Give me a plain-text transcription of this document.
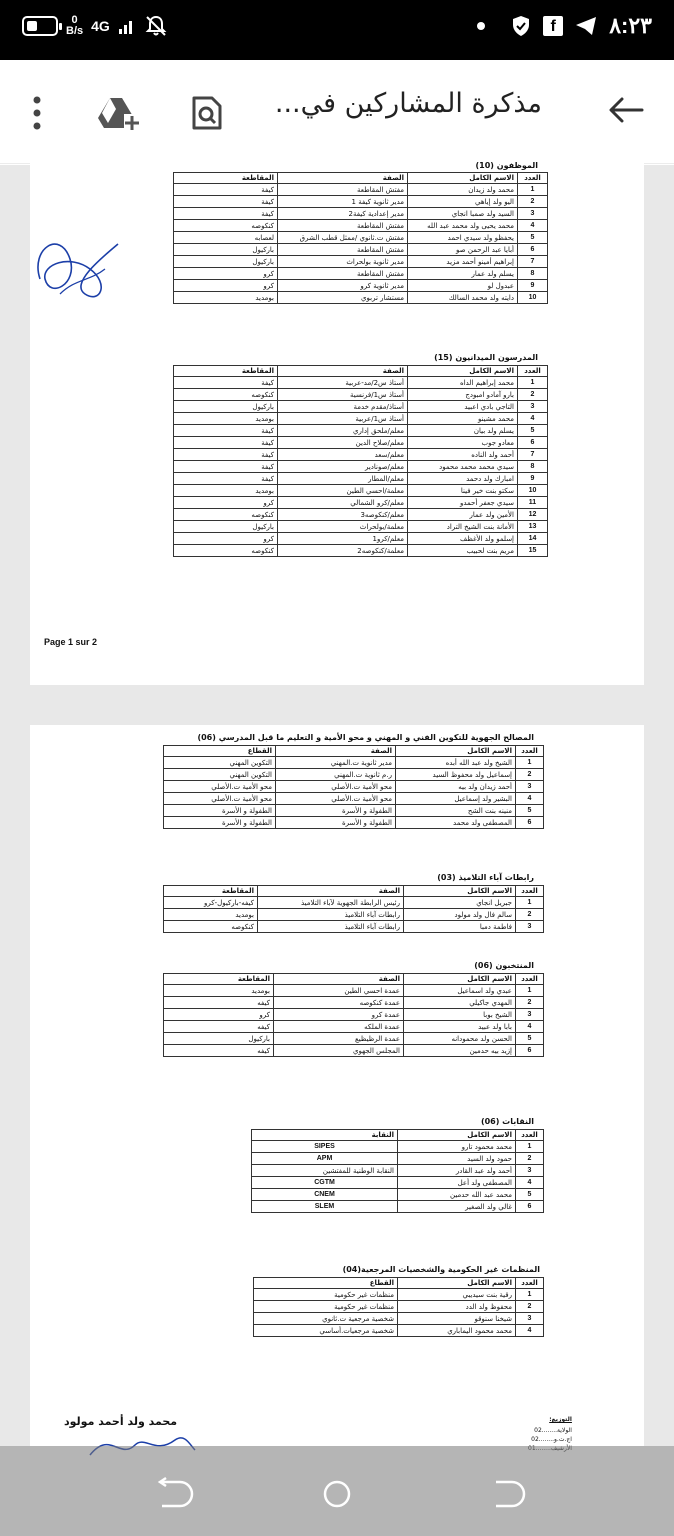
0
B/s 4G	f	٨:٢٣
مذكرة المشاركين في...
الموظفون (10)
العدد	الاسم الكامل	الصفة	المقاطعة
1	محمد ولد زيدان	مفتش المقاطعة	كيفة
2	اليو ولد إياهي	مدير ثانوية كيفة 1	كيفة
3	السيد ولد صمبا انجاي	مدير إعدادية كيفة2	كيفة
4	محمد يحيى ولد محمد عبد الله	مفتش المقاطعة	كنكوصه
5	يحفظو ولد سيدي احمد	مفتش ت.ثانوي /ممثل قطب الشرق	لعصابه
6	أبايا عبد الرحمن صو	مفتش المقاطعة	باركيول
7	إبراهيم أمينو أحمد مزيد	مدير ثانوية بولحراث	باركيول
8	يسلم ولد عمار	مفتش المقاطعة	كرو
9	عبدول لو	مدير ثانوية كرو	كرو
10	دايته ولد محمد السالك	مستشار تربوي	بومديد
المدرسون الميدانيون (15)
العدد	الاسم الكامل	الصفة	المقاطعة
1	محمد إبراهيم الداه	أستاذ س2/مد-عربية	كيفة
2	بارو آمادو امبودج	أستاذ س1/فرنسية	كنكوصه
3	التاجي بادي اعبيد	أستاذ/مقدم خدمة	باركيول
4	محمد مشينو	أستاذ س1/عربية	بومديد
5	يسلم ولد بيان	معلم/ملحق إداري	كيفة
6	معادو جوب	معلم/صلاح الدين	كيفة
7	أحمد ولد الناده	معلم/سعد	كيفة
8	سيدي محمد محمد محمود	معلم/صونادير	كيفة
9	امبارك ولد دحمد	معلم/المطار	كيفة
10	سكتو بنت خير فينا	معلمة/احسي الطين	بومديد
11	سيدي جعفر أحمدو	معلم/كرو الشمالي	كرو
12	الأمين ولد عمار	معلم/كنكوصه3	كنكوصه
13	الأمانة بنت الشيخ التراد	معلمة/بولحراث	باركيول
14	إسلمو ولد الأغظف	معلم/كرو1	كرو
15	مريم بنت لحبيب	معلمة/كنكوصه2	كنكوصه
Page 1 sur 2
المصالح الجهوية للتكوين الفني و المهني و محو الأمية و التعليم ما قبل المدرسي (06)
العدد	الاسم الكامل	الصفة	القطاع
1	الشيخ ولد عبد الله أبده	مدير ثانوية ت.المهني	التكوين المهني
2	إسماعيل ولد محفوظ السيد	ر.م ثانوية ت.المهني	التكوين المهني
3	أحمد زيدان ولد بيه	محو الأمية ت.الأصلي	محو الأمية ت.الأصلي
4	البشير ولد إسماعيل	محو الأمية ت.الأصلي	محو الأمية ت.الأصلي
5	منينه بنت الشح	الطفولة و الأسرة	الطفولة و الأسرة
6	المصطفى ولد محمد	الطفولة و الأسرة	الطفولة و الأسرة
رابطات آباء التلاميذ (03)
العدد	الاسم الكامل	الصفة	المقاطعة
1	جبريل انجاي	رئيس الرابطة الجهوية لآباء التلاميذ	كيفه-باركيول-كرو
2	سالم فال ولد مولود	رابطات آباء التلاميذ	بومديد
3	فاطمة دمبا	رابطات آباء التلاميذ	كنكوصه
المنتخبون (06)
العدد	الاسم الكامل	الصفة	المقاطعة
1	عبدي ولد اسماعيل	عمدة احسي الطين	بومديد
2	المهدي جاكيلي	عمدة كنكوصه	كيفه
3	الشيخ بوبا	عمدة كرو	كرو
4	بابا ولد عبيد	عمدة الملكه	كيفه
5	الحسن ولد محمودانه	عمدة الرظيظيع	باركيول
6	إزيد بيه حدمين	المجلس الجهوي	كيفه
النقابات (06)
العدد	الاسم الكامل	النقابة
1	محمد محمود تارو	SIPES
2	حمود ولد السيد	APM
3	أحمد ولد عبد القادر	النقابة الوطنية للمفتشين
4	المصطفى ولد أعل	CGTM
5	محمد عبد الله حدمين	CNEM
6	غالي ولد الصغير	SLEM
المنظمات غير الحكومية والشخصيات المرجعية(04)
العدد	الاسم الكامل	القطاع
1	رقية بنت سيديبي	منظمات غير حكومية
2	محفوظ ولد الدد	منظمات غير حكومية
3	شيخنا سنوقو	شخصية مرجعية ت.ثانوي
4	محمد محمود اليماباري	شخصية مرجعيات.أساسي
محمد ولد أحمد مولود	التوزيع:
الولاية........02
اج.ت.و........02
